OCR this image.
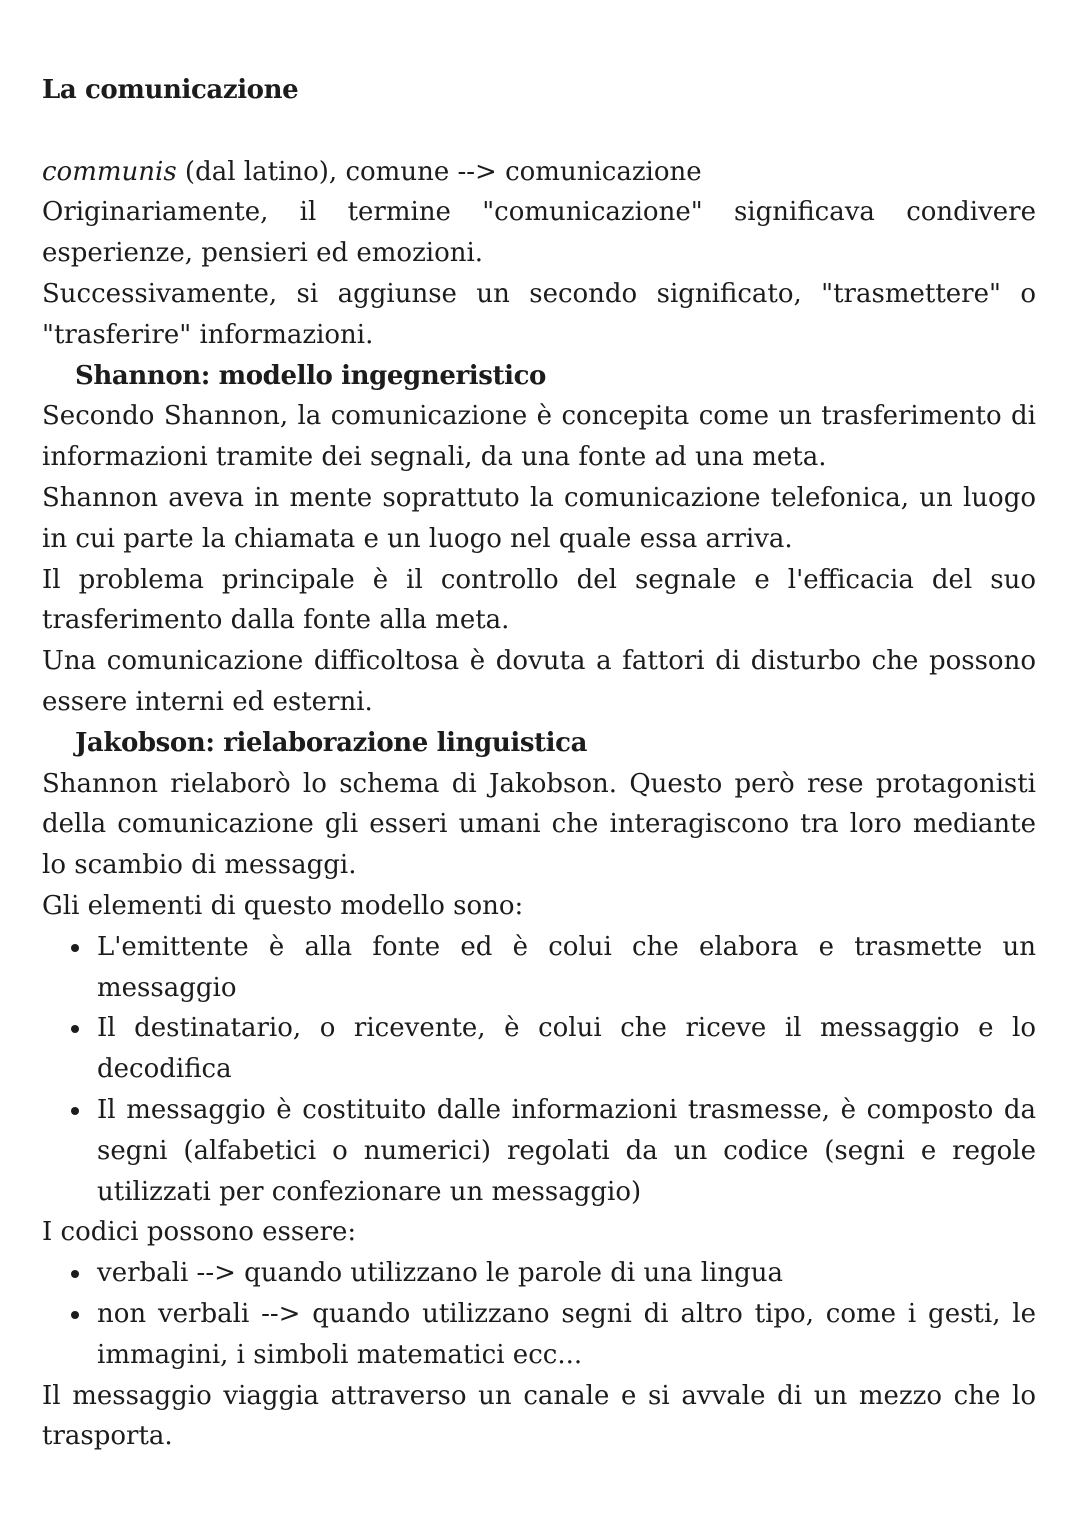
La comunicazione

communis (dal latino), comune --> comunicazione

Originariamente, il termine "comunicazione" significava condivere esperienze, pensieri ed emozioni.

Successivamente, si aggiunse un secondo significato, "trasmettere" o "trasferire" informazioni.

Shannon: modello ingegneristico

Secondo Shannon, la comunicazione è concepita come un trasferimento di informazioni tramite dei segnali, da una fonte ad una meta.

Shannon aveva in mente soprattuto la comunicazione telefonica, un luogo in cui parte la chiamata e un luogo nel quale essa arriva.

Il problema principale è il controllo del segnale e l'efficacia del suo trasferimento dalla fonte alla meta.

Una comunicazione difficoltosa è dovuta a fattori di disturbo che possono essere interni ed esterni.

Jakobson: rielaborazione linguistica

Shannon rielaborò lo schema di Jakobson. Questo però rese protagonisti della comunicazione gli esseri umani che interagiscono tra loro mediante lo scambio di messaggi.

Gli elementi di questo modello sono:

L'emittente è alla fonte ed è colui che elabora e trasmette un messaggio
Il destinatario, o ricevente, è colui che riceve il messaggio e lo decodifica
Il messaggio è costituito dalle informazioni trasmesse, è composto da segni (alfabetici o numerici) regolati da un codice (segni e regole utilizzati per confezionare un messaggio)

I codici possono essere:

verbali --> quando utilizzano le parole di una lingua
non verbali --> quando utilizzano segni di altro tipo, come i gesti, le immagini, i simboli matematici ecc...

Il messaggio viaggia attraverso un canale e si avvale di un mezzo che lo trasporta.
